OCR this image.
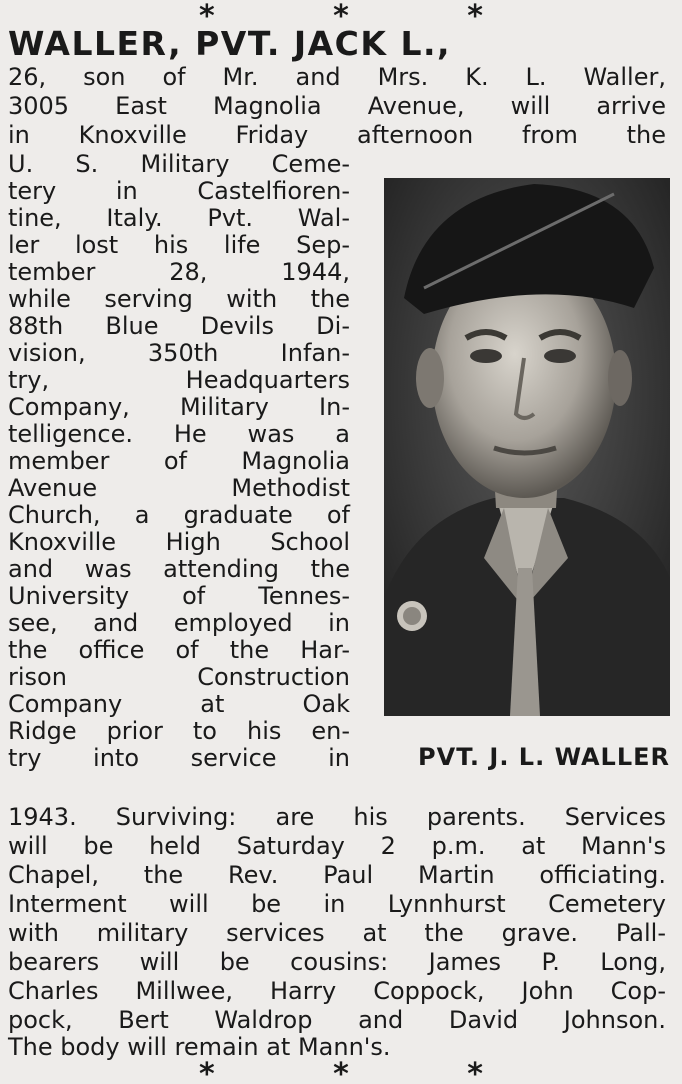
* * *
WALLER, PVT. JACK L.,
26, son of Mr. and Mrs. K. L. Waller,
3005 East Magnolia Avenue, will arrive
in Knoxville Friday afternoon from the
U. S. Military Ceme-
tery in Castelfioren-
tine, Italy. Pvt. Wal-
ler lost his life Sep-
tember 28, 1944,
while serving with the
88th Blue Devils Di-
vision, 350th Infan-
try, Headquarters
Company, Military In-
telligence. He was a
member of Magnolia
Avenue Methodist
Church, a graduate of
Knoxville High School
and was attending the
University of Tennes-
see, and employed in
the office of the Har-
rison Construction
Company at Oak
Ridge prior to his en-
try into service in	PVT. J. L. WALLER
1943. Surviving: are his parents. Services
will be held Saturday 2 p.m. at Mann's
Chapel, the Rev. Paul Martin officiating.
Interment will be in Lynnhurst Cemetery
with military services at the grave. Pall-
bearers will be cousins: James P. Long,
Charles Millwee, Harry Coppock, John Cop-
pock, Bert Waldrop and David Johnson.
The body will remain at Mann's.
* * *
